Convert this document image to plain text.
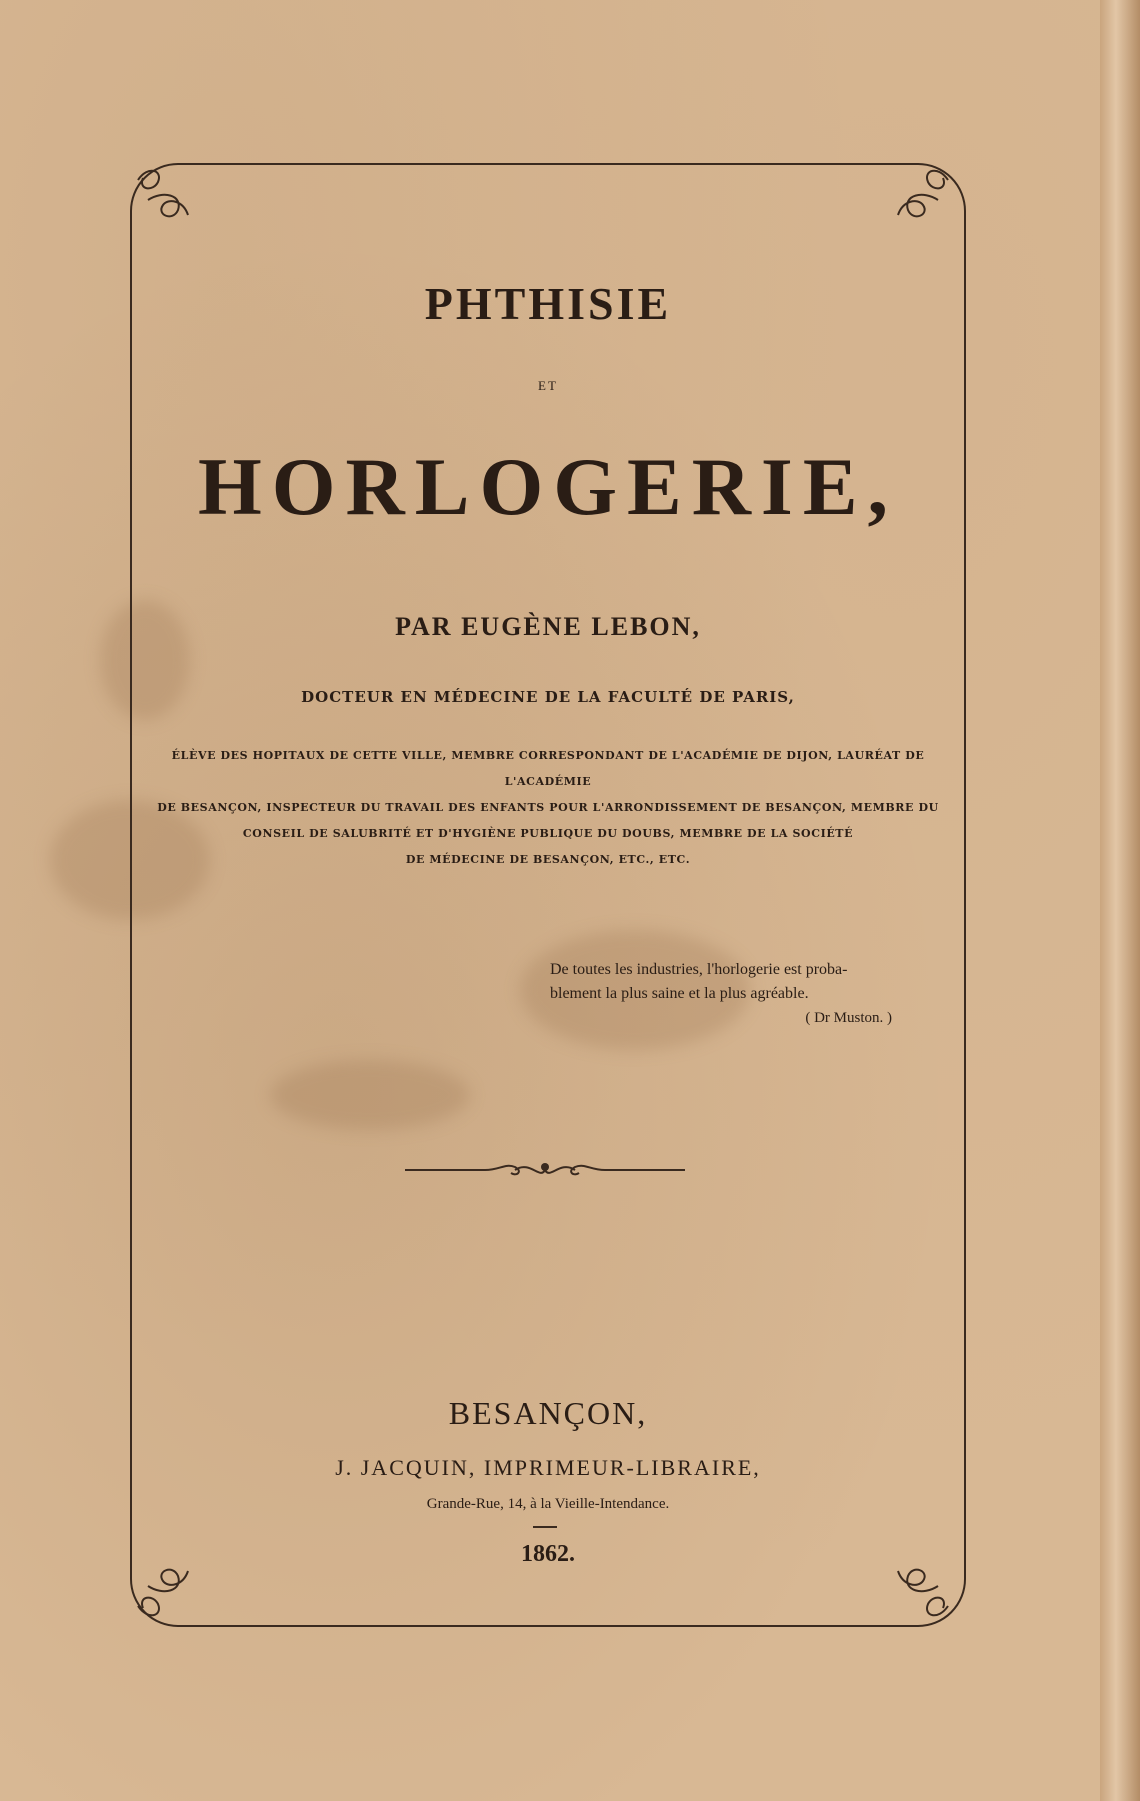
PHTHISIE
ET
HORLOGERIE,
PAR EUGÈNE LEBON,
DOCTEUR EN MÉDECINE DE LA FACULTÉ DE PARIS,
ÉLÈVE DES HOPITAUX DE CETTE VILLE, MEMBRE CORRESPONDANT DE L'ACADÉMIE DE DIJON, LAURÉAT DE L'ACADÉMIE
DE BESANÇON, INSPECTEUR DU TRAVAIL DES ENFANTS POUR L'ARRONDISSEMENT DE BESANÇON, MEMBRE DU
CONSEIL DE SALUBRITÉ ET D'HYGIÈNE PUBLIQUE DU DOUBS, MEMBRE DE LA SOCIÉTÉ
DE MÉDECINE DE BESANÇON, ETC., ETC.
De toutes les industries, l'horlogerie est proba-
blement la plus saine et la plus agréable.
( Dr Muston. )
BESANÇON,
J. JACQUIN, IMPRIMEUR-LIBRAIRE,
Grande-Rue, 14, à la Vieille-Intendance.
1862.
